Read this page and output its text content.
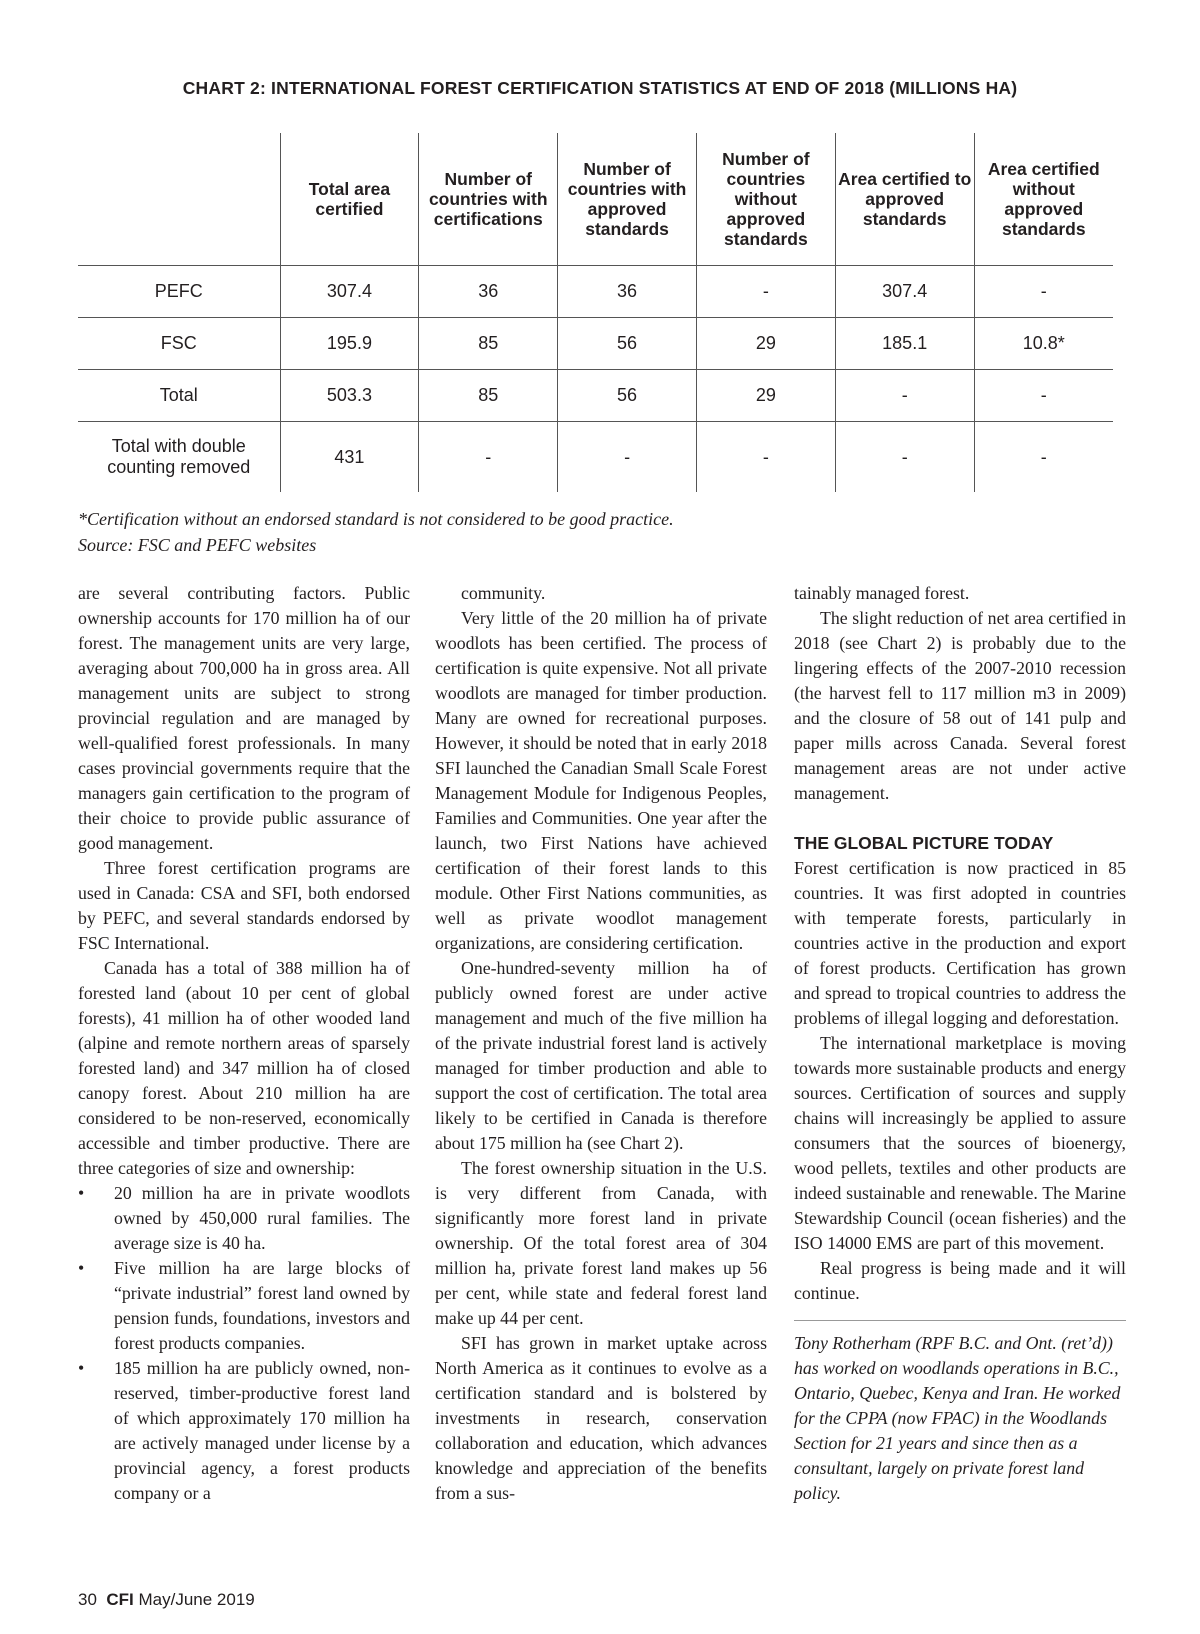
CHART 2: INTERNATIONAL FOREST CERTIFICATION STATISTICS AT END OF 2018 (MILLIONS HA)
	Total area certified	Number of countries with certifications	Number of countries with approved standards	Number of countries without approved standards	Area certified to approved standards	Area certified without approved standards
PEFC	307.4	36	36	-	307.4	-
FSC	195.9	85	56	29	185.1	10.8*
Total	503.3	85	56	29	-	-
Total with double counting removed	431	-	-	-	-	-
*Certification without an endorsed standard is not considered to be good practice.
Source: FSC and PEFC websites

are several contributing factors. Public ownership accounts for 170 million ha of our forest. The management units are very large, averaging about 700,000 ha in gross area. All management units are subject to strong provincial regulation and are managed by well-qualified forest professionals. In many cases provincial governments require that the managers gain certification to the program of their choice to provide public assurance of good management.

Three forest certification programs are used in Canada: CSA and SFI, both endorsed by PEFC, and several standards endorsed by FSC International.

Canada has a total of 388 million ha of forested land (about 10 per cent of global forests), 41 million ha of other wooded land (alpine and remote northern areas of sparsely forested land) and 347 million ha of closed canopy forest. About 210 million ha are considered to be non-reserved, economically accessible and timber productive. There are three categories of size and ownership:

• 20 million ha are in private woodlots owned by 450,000 rural families. The average size is 40 ha.
• Five million ha are large blocks of “private industrial” forest land owned by pension funds, foundations, investors and forest products companies.
• 185 million ha are publicly owned, non-reserved, timber-productive forest land of which approximately 170 million ha are actively managed under license by a provincial agency, a forest products company or a

community.

Very little of the 20 million ha of private woodlots has been certified. The process of certification is quite expensive. Not all private woodlots are managed for timber production. Many are owned for recreational purposes. However, it should be noted that in early 2018 SFI launched the Canadian Small Scale Forest Management Module for Indigenous Peoples, Families and Communities. One year after the launch, two First Nations have achieved certification of their forest lands to this module. Other First Nations communities, as well as private woodlot management organizations, are considering certification.

One-hundred-seventy million ha of publicly owned forest are under active management and much of the five million ha of the private industrial forest land is actively managed for timber production and able to support the cost of certification. The total area likely to be certified in Canada is therefore about 175 million ha (see Chart 2).

The forest ownership situation in the U.S. is very different from Canada, with significantly more forest land in private ownership. Of the total forest area of 304 million ha, private forest land makes up 56 per cent, while state and federal forest land make up 44 per cent.

SFI has grown in market uptake across North America as it continues to evolve as a certification standard and is bolstered by investments in research, conservation collaboration and education, which advances knowledge and appreciation of the benefits from a sus-

tainably managed forest.

The slight reduction of net area certified in 2018 (see Chart 2) is probably due to the lingering effects of the 2007-2010 recession (the harvest fell to 117 million m3 in 2009) and the closure of 58 out of 141 pulp and paper mills across Canada. Several forest management areas are not under active management.

THE GLOBAL PICTURE TODAY

Forest certification is now practiced in 85 countries. It was first adopted in countries with temperate forests, particularly in countries active in the production and export of forest products. Certification has grown and spread to tropical countries to address the problems of illegal logging and deforestation.

The international marketplace is moving towards more sustainable products and energy sources. Certification of sources and supply chains will increasingly be applied to assure consumers that the sources of bioenergy, wood pellets, textiles and other products are indeed sustainable and renewable. The Marine Stewardship Council (ocean fisheries) and the ISO 14000 EMS are part of this movement.

Real progress is being made and it will continue.

Tony Rotherham (RPF B.C. and Ont. (ret’d)) has worked on woodlands operations in B.C., Ontario, Quebec, Kenya and Iran. He worked for the CPPA (now FPAC) in the Woodlands Section for 21 years and since then as a consultant, largely on private forest land policy.

30 CFI May/June 2019
